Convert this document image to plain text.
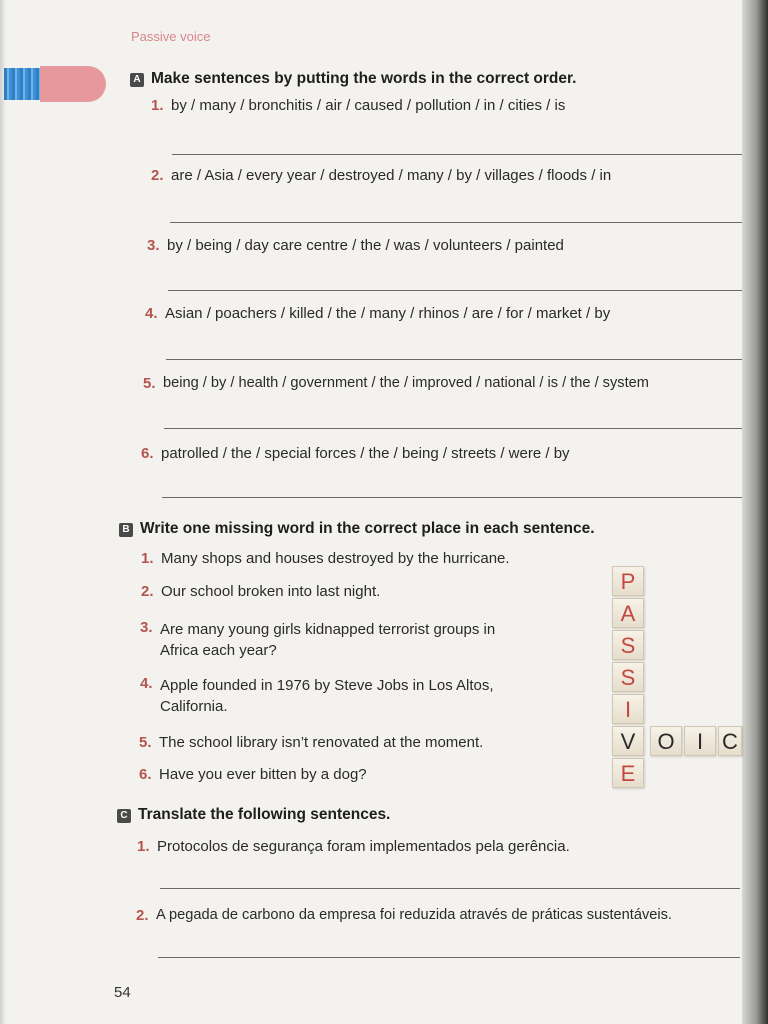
Passive voice
A Make sentences by putting the words in the correct order.
1. by / many / bronchitis / air / caused / pollution / in / cities / is
2. are / Asia / every year / destroyed / many / by / villages / floods / in
3. by / being / day care centre / the / was / volunteers / painted
4. Asian / poachers / killed / the / many / rhinos / are / for / market / by
5. being / by / health / government / the / improved / national / is / the / system
6. patrolled / the / special forces / the / being / streets / were / by
B Write one missing word in the correct place in each sentence.
1. Many shops and houses destroyed by the hurricane.
2. Our school broken into last night.
3. Are many young girls kidnapped terrorist groups in Africa each year?
4. Apple founded in 1976 by Steve Jobs in Los Altos, California.
5. The school library isn’t renovated at the moment.
6. Have you ever bitten by a dog?
P
A
S
S
I
V
E
O	I C
C Translate the following sentences.
1. Protocolos de segurança foram implementados pela gerência.
2. A pegada de carbono da empresa foi reduzida através de práticas sustentáveis.
54
